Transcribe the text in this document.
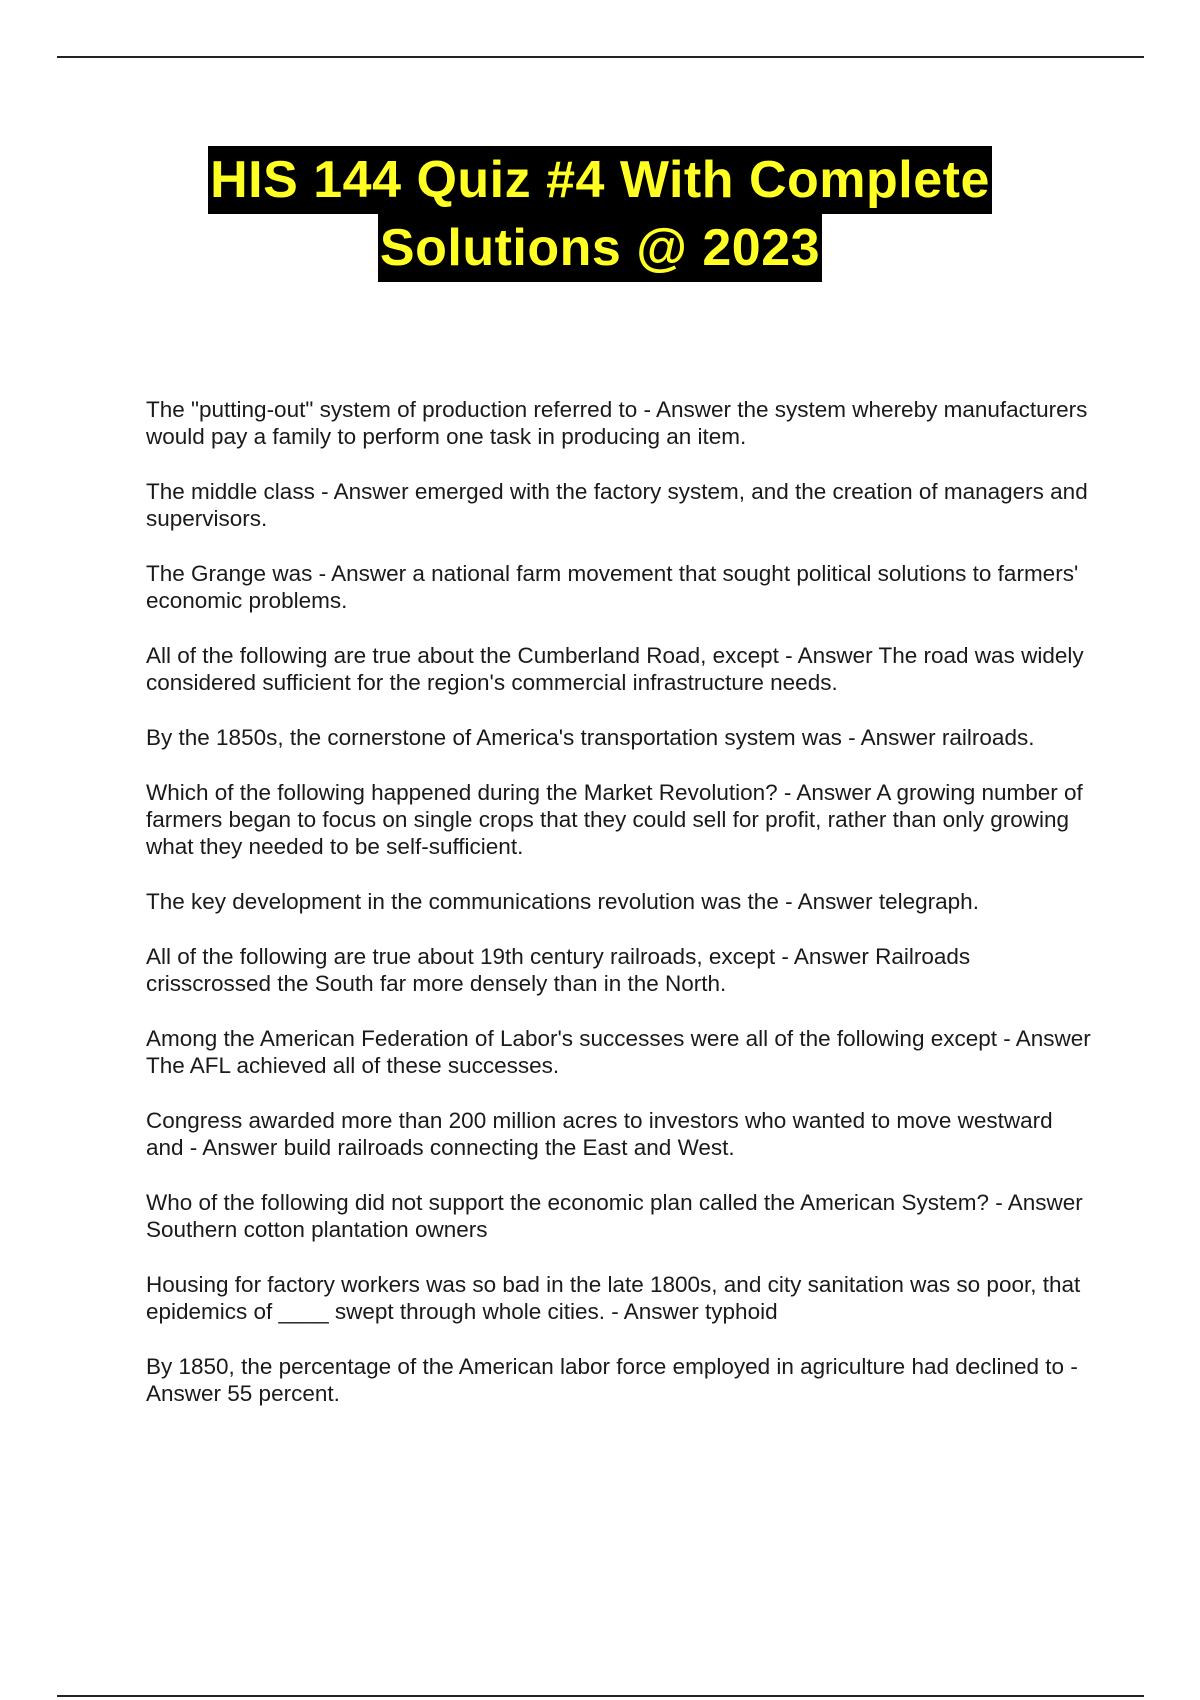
HIS 144 Quiz #4 With Complete
Solutions @ 2023

The "putting-out" system of production referred to - Answer the system whereby manufacturers would pay a family to perform one task in producing an item.

The middle class - Answer emerged with the factory system, and the creation of managers and supervisors.

The Grange was - Answer a national farm movement that sought political solutions to farmers' economic problems.

All of the following are true about the Cumberland Road, except - Answer The road was widely considered sufficient for the region's commercial infrastructure needs.

By the 1850s, the cornerstone of America's transportation system was - Answer railroads.

Which of the following happened during the Market Revolution? - Answer A growing number of farmers began to focus on single crops that they could sell for profit, rather than only growing what they needed to be self-sufficient.

The key development in the communications revolution was the - Answer telegraph.

All of the following are true about 19th century railroads, except - Answer Railroads crisscrossed the South far more densely than in the North.

Among the American Federation of Labor's successes were all of the following except - Answer The AFL achieved all of these successes.

Congress awarded more than 200 million acres to investors who wanted to move westward and - Answer build railroads connecting the East and West.

Who of the following did not support the economic plan called the American System? - Answer Southern cotton plantation owners

Housing for factory workers was so bad in the late 1800s, and city sanitation was so poor, that epidemics of ____ swept through whole cities. - Answer typhoid

By 1850, the percentage of the American labor force employed in agriculture had declined to - Answer 55 percent.
